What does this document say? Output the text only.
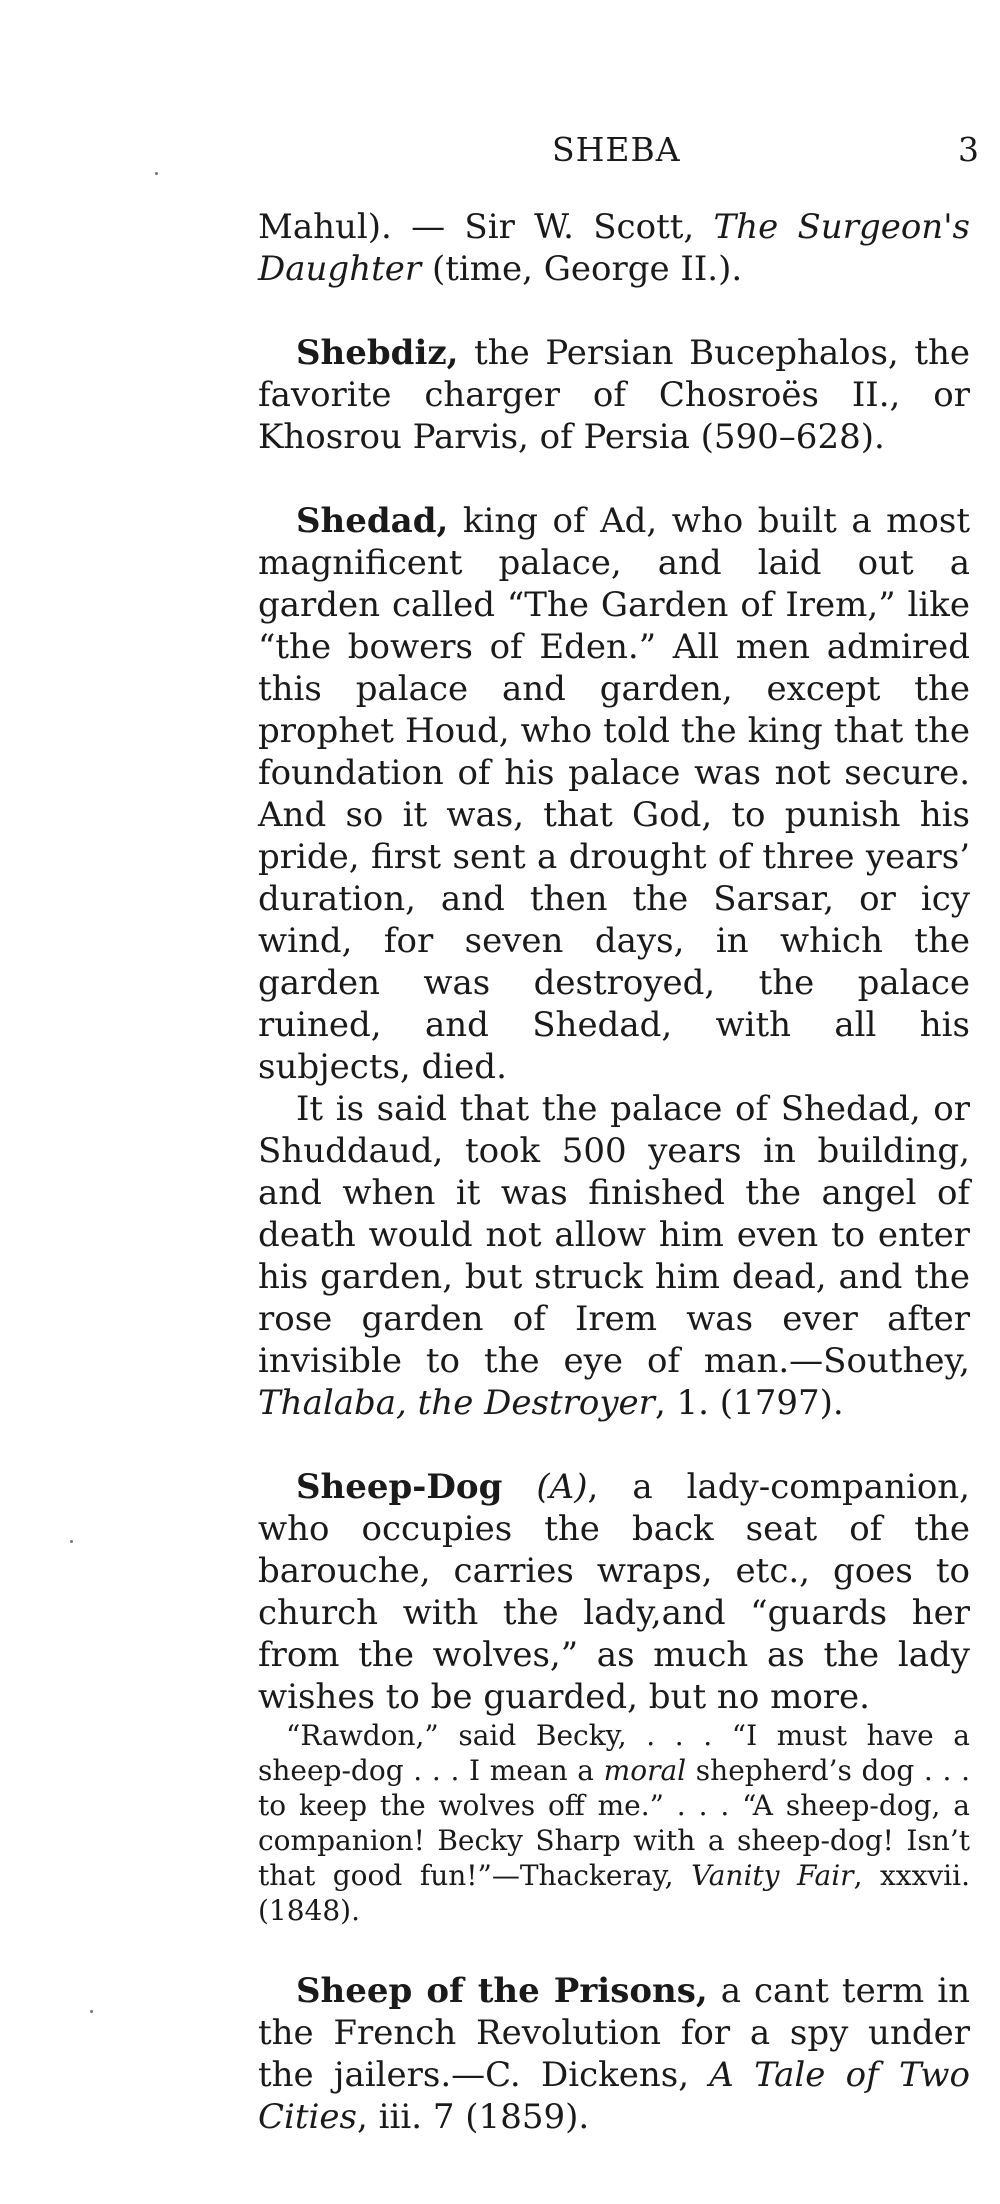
SHEBA	3

Mahul). — Sir W. Scott, The Surgeon's Daughter (time, George II.).

Shebdiz, the Persian Bucephalos, the favorite charger of Chosroës II., or Khosrou Parvis, of Persia (590–628).

Shedad, king of Ad, who built a most magnificent palace, and laid out a garden called “The Garden of Irem,” like “the bowers of Eden.” All men admired this palace and garden, except the prophet Houd, who told the king that the foundation of his palace was not secure. And so it was, that God, to punish his pride, first sent a drought of three years’ duration, and then the Sarsar, or icy wind, for seven days, in which the garden was destroyed, the palace ruined, and Shedad, with all his subjects, died.

It is said that the palace of Shedad, or Shuddaud, took 500 years in building, and when it was finished the angel of death would not allow him even to enter his garden, but struck him dead, and the rose garden of Irem was ever after invisible to the eye of man.—Southey, Thalaba, the Destroyer, 1. (1797).

Sheep-Dog (A), a lady-companion, who occupies the back seat of the barouche, carries wraps, etc., goes to church with the lady,and “guards her from the wolves,” as much as the lady wishes to be guarded, but no more.

“Rawdon,” said Becky, . . . “I must have a sheep-dog . . . I mean a moral shepherd’s dog . . . to keep the wolves off me.” . . . “A sheep-dog, a companion! Becky Sharp with a sheep-dog! Isn’t that good fun!”—Thackeray, Vanity Fair, xxxvii. (1848).

Sheep of the Prisons, a cant term in the French Revolution for a spy under the jailers.—C. Dickens, A Tale of Two Cities, iii. 7 (1859).
